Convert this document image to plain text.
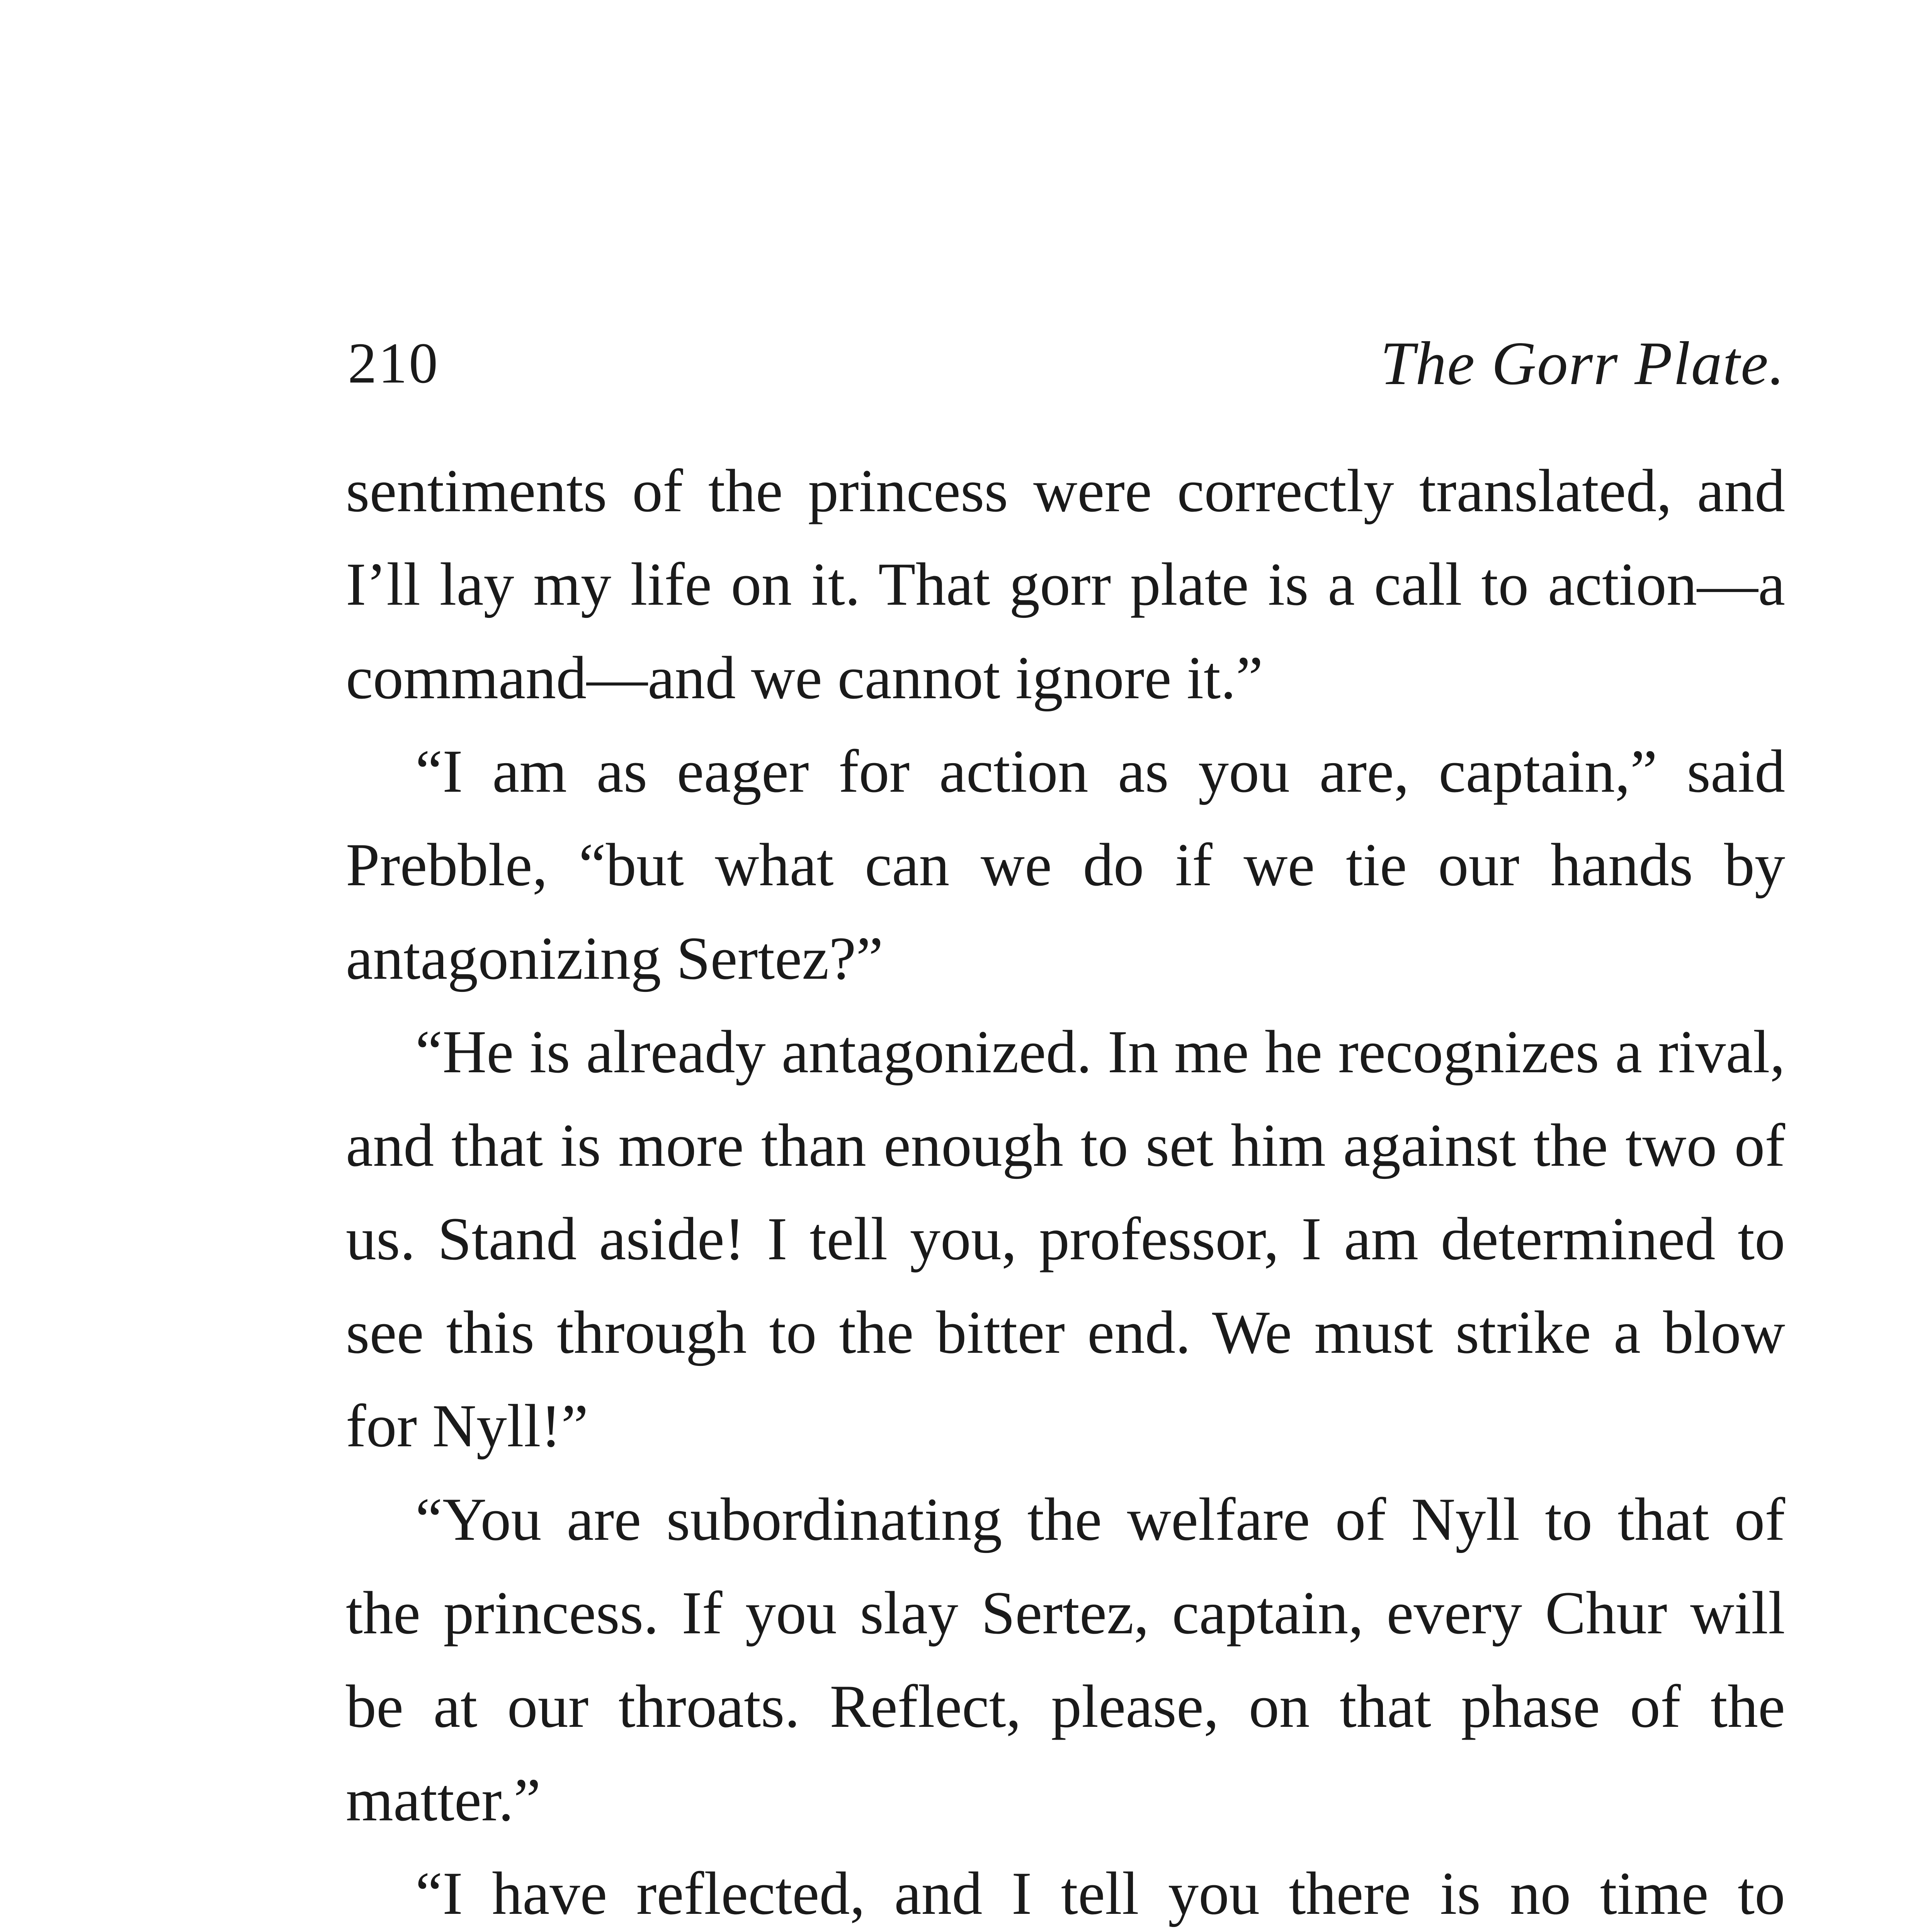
210	The Gorr Plate.

sentiments of the princess were correctly translated, and I’ll lay my life on it. That gorr plate is a call to action—a command—and we cannot ignore it.”

“I am as eager for action as you are, captain,” said Prebble, “but what can we do if we tie our hands by antagonizing Sertez?”

“He is already antagonized. In me he recognizes a rival, and that is more than enough to set him against the two of us. Stand aside! I tell you, professor, I am determined to see this through to the bitter end. We must strike a blow for Nyll!”

“You are subordinating the welfare of Nyll to that of the princess. If you slay Sertez, captain, every Chur will be at our throats. Reflect, please, on that phase of the matter.”

“I have reflected, and I tell you there is no time to
